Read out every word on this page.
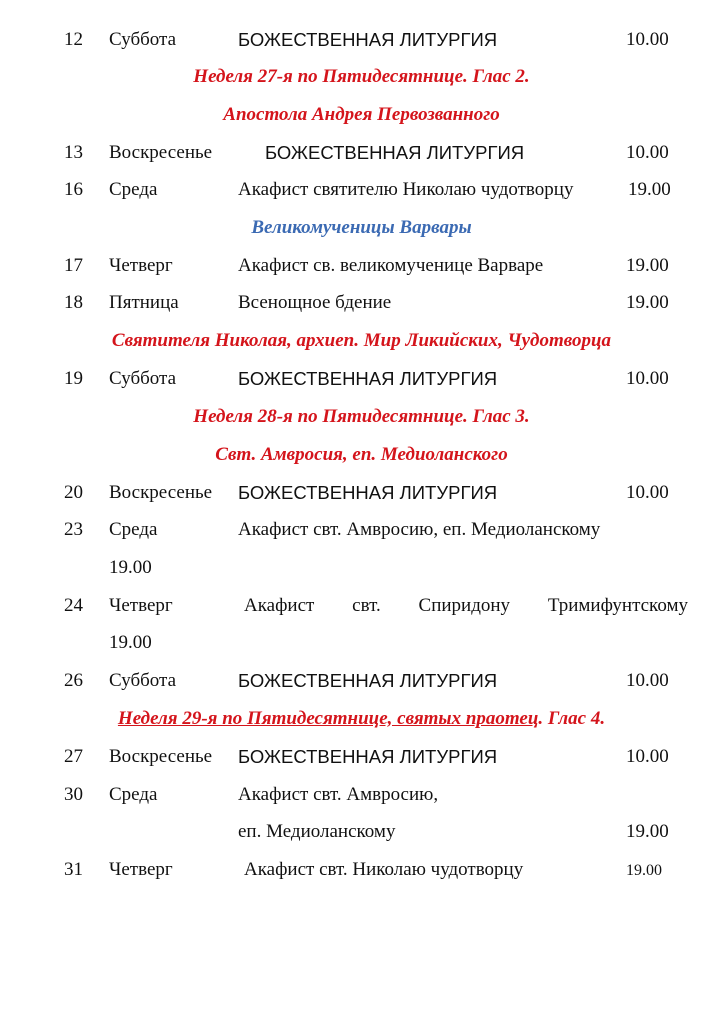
12 Суббота	БОЖЕСТВЕННАЯ ЛИТУРГИЯ	10.00
Неделя 27-я по Пятидесятнице. Глас 2.
Апостола Андрея Первозванного
13 Воскресенье	БОЖЕСТВЕННАЯ ЛИТУРГИЯ	10.00
16 Среда	Акафист святителю Николаю чудотворцу	19.00
Великомученицы Варвары
17 Четверг	Акафист св. великомученице Варваре	19.00
18 Пятница	Всенощное бдение	19.00
Святителя Николая, архиеп. Мир Ликийских, Чудотворца
19 Суббота	БОЖЕСТВЕННАЯ ЛИТУРГИЯ	10.00
Неделя 28-я по Пятидесятнице. Глас 3.
Свт. Амвросия, еп. Медиоланского
20 Воскресенье БОЖЕСТВЕННАЯ ЛИТУРГИЯ	10.00
23 Среда	Акафист свт. Амвросию, еп. Медиоланскому
19.00
24 Четверг	Акафист свт. Спиридону Тримифунтскому
19.00
26 Суббота	БОЖЕСТВЕННАЯ ЛИТУРГИЯ	10.00
Неделя 29-я по Пятидесятнице, святых праотец. Глас 4.
27 Воскресенье БОЖЕСТВЕННАЯ ЛИТУРГИЯ	10.00
30 Среда	Акафист свт. Амвросию,
еп. Медиоланскому	19.00
31 Четверг	Акафист свт. Николаю чудотворцу	19.00
